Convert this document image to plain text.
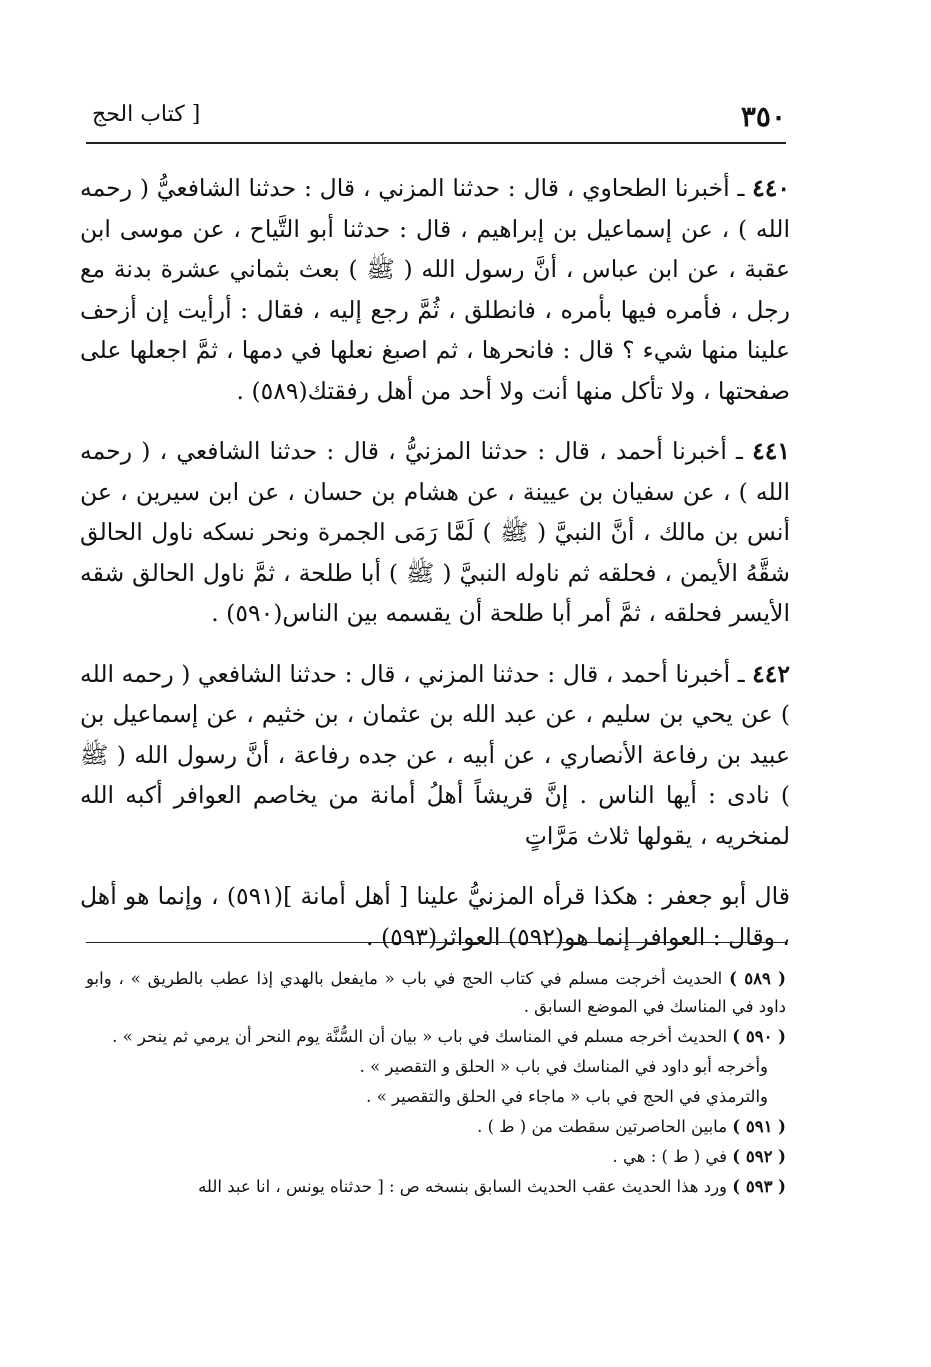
٣٥٠
[ كتاب الحج

٤٤٠ ـ أخبرنا الطحاوي ، قال : حدثنا المزني ، قال : حدثنا الشافعيُّ ( رحمه الله ) ، عن إسماعيل بن إبراهيم ، قال : حدثنا أبو التَّياح ، عن موسى ابن عقبة ، عن ابن عباس ، أنَّ رسول الله ( ﷺ ) بعث بثماني عشرة بدنة مع رجل ، فأمره فيها بأمره ، فانطلق ، ثُمَّ رجع إليه ، فقال : أرأيت إن أزحف علينا منها شيء ؟ قال : فانحرها ، ثم اصبغ نعلها في دمها ، ثمَّ اجعلها على صفحتها ، ولا تأكل منها أنت ولا أحد من أهل رفقتك(٥٨٩) .

٤٤١ ـ أخبرنا أحمد ، قال : حدثنا المزنيُّ ، قال : حدثنا الشافعي ، ( رحمه الله ) ، عن سفيان بن عيينة ، عن هشام بن حسان ، عن ابن سيرين ، عن أنس بن مالك ، أنَّ النبيَّ ( ﷺ ) لَمَّا رَمَى الجمرة ونحر نسكه ناول الحالق شقَّهُ الأيمن ، فحلقه ثم ناوله النبيَّ ( ﷺ ) أبا طلحة ، ثمَّ ناول الحالق شقه الأيسر فحلقه ، ثمَّ أمر أبا طلحة أن يقسمه بين الناس(٥٩٠) .

٤٤٢ ـ أخبرنا أحمد ، قال : حدثنا المزني ، قال : حدثنا الشافعي ( رحمه الله ) عن يحي بن سليم ، عن عبد الله بن عثمان ، بن خثيم ، عن إسماعيل بن عبيد بن رفاعة الأنصاري ، عن أبيه ، عن جده رفاعة ، أنَّ رسول الله ( ﷺ ) نادى : أيها الناس . إنَّ قريشاً أهلُ أمانة من يخاصم العوافر أكبه الله لمنخريه ، يقولها ثلاث مَرَّاتٍ

قال أبو جعفر : هكذا قرأه المزنيُّ علينا [ أهل أمانة ](٥٩١) ، وإنما هو أهل ، وقال : العوافر إنما هو(٥٩٢) العواثر(٥٩٣) .

( ٥٨٩ ) الحديث أخرجت مسلم في كتاب الحج في باب « مايفعل بالهدي إذا عطب بالطريق » ، وابو داود في المناسك في الموضع السابق .

( ٥٩٠ ) الحديث أخرجه مسلم في المناسك في باب « بيان أن السُّنَّة يوم النحر أن يرمي ثم ينحر » .

وأخرجه أبو داود في المناسك في باب « الحلق و التقصير » .

والترمذي في الحج في باب « ماجاء في الحلق والتقصير » .

( ٥٩١ ) مابين الحاصرتين سقطت من ( ط ) .

( ٥٩٢ ) في ( ط ) : هي .

( ٥٩٣ ) ورد هذا الحديث عقب الحديث السابق بنسخه ص : [ حدثناه يونس ، انا عبد الله
